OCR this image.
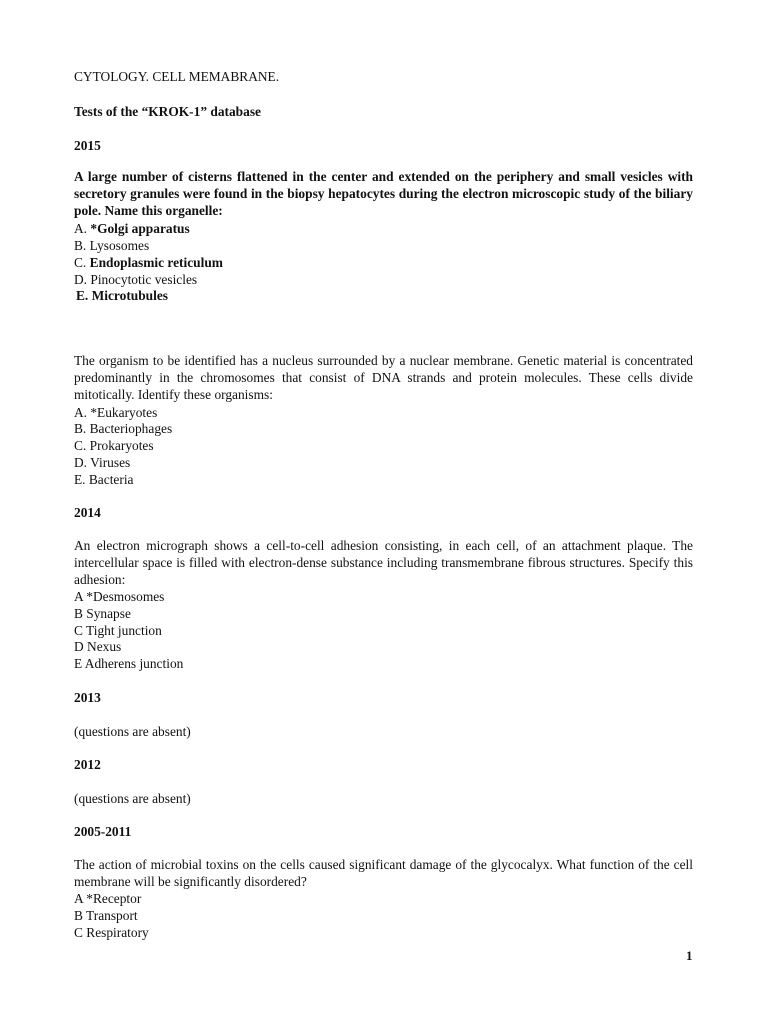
CYTOLOGY. CELL MEMABRANE.
Tests of the “KROK-1” database
2015
A large number of cisterns flattened in the center and extended on the periphery and small vesicles with secretory granules were found in the biopsy hepatocytes during the electron microscopic study of the biliary pole. Name this organelle:
A. *Golgi apparatus
B. Lysosomes
C. Endoplasmic reticulum
D. Pinocytotic vesicles
E. Microtubules
The organism to be identified has a nucleus surrounded by a nuclear membrane. Genetic material is concentrated predominantly in the chromosomes that consist of DNA strands and protein molecules. These cells divide mitotically. Identify these organisms:
A. *Eukaryotes
B. Bacteriophages
C. Prokaryotes
D. Viruses
E. Bacteria
2014
An electron micrograph shows a cell-to-cell adhesion consisting, in each cell, of an attachment plaque. The intercellular space is filled with electron-dense substance including transmembrane fibrous structures. Specify this adhesion:
A *Desmosomes
B Synapse
C Tight junction
D Nexus
E Adherens junction
2013
(questions are absent)
2012
(questions are absent)
2005-2011
The action of microbial toxins on the cells caused significant damage of the glycocalyx. What function of the cell membrane will be significantly disordered?
A *Receptor
B Transport
C Respiratory
1
